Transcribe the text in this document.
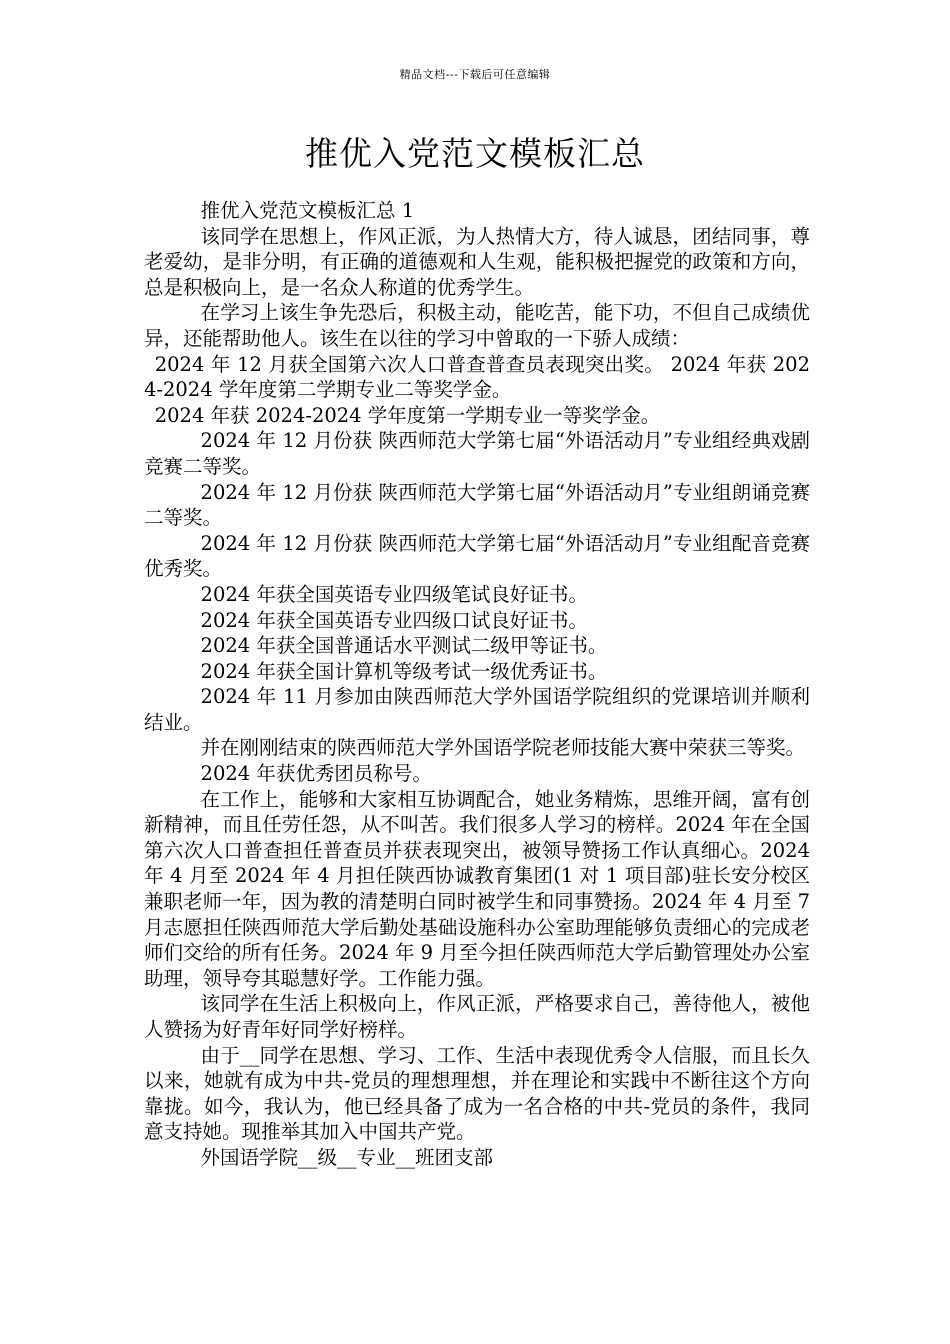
精品文档---下载后可任意编辑
推优入党范文模板汇总

推优入党范文模板汇总 1

该同学在思想上，作风正派，为人热情大方，待人诚恳，团结同事，尊老爱幼，是非分明，有正确的道德观和人生观，能积极把握党的政策和方向，总是积极向上，是一名众人称道的优秀学生。

在学习上该生争先恐后，积极主动，能吃苦，能下功，不但自己成绩优异，还能帮助他人。该生在以往的学习中曾取的一下骄人成绩：

2024 年 12 月获全国第六次人口普查普查员表现突出奖。 2024 年获 2024-2024 学年度第二学期专业二等奖学金。

2024 年获 2024-2024 学年度第一学期专业一等奖学金。

2024 年 12 月份获 陕西师范大学第七届“外语活动月”专业组经典戏剧竞赛二等奖。

2024 年 12 月份获 陕西师范大学第七届“外语活动月”专业组朗诵竞赛二等奖。

2024 年 12 月份获 陕西师范大学第七届“外语活动月”专业组配音竞赛优秀奖。

2024 年获全国英语专业四级笔试良好证书。

2024 年获全国英语专业四级口试良好证书。

2024 年获全国普通话水平测试二级甲等证书。

2024 年获全国计算机等级考试一级优秀证书。

2024 年 11 月参加由陕西师范大学外国语学院组织的党课培训并顺利结业。

并在刚刚结束的陕西师范大学外国语学院老师技能大赛中荣获三等奖。

2024 年获优秀团员称号。

在工作上，能够和大家相互协调配合，她业务精炼，思维开阔，富有创新精神，而且任劳任怨，从不叫苦。我们很多人学习的榜样。2024 年在全国第六次人口普查担任普查员并获表现突出，被领导赞扬工作认真细心。2024 年 4 月至 2024 年 4 月担任陕西协诚教育集团(1 对 1 项目部)驻长安分校区兼职老师一年，因为教的清楚明白同时被学生和同事赞扬。2024 年 4 月至 7 月志愿担任陕西师范大学后勤处基础设施科办公室助理能够负责细心的完成老师们交给的所有任务。2024 年 9 月至今担任陕西师范大学后勤管理处办公室助理，领导夸其聪慧好学。工作能力强。

该同学在生活上积极向上，作风正派，严格要求自己，善待他人，被他人赞扬为好青年好同学好榜样。

由于__同学在思想、学习、工作、生活中表现优秀令人信服，而且长久以来，她就有成为中共-党员的理想理想，并在理论和实践中不断往这个方向靠拢。如今，我认为，他已经具备了成为一名合格的中共-党员的条件，我同意支持她。现推举其加入中国共产党。

外国语学院__级__专业__班团支部
